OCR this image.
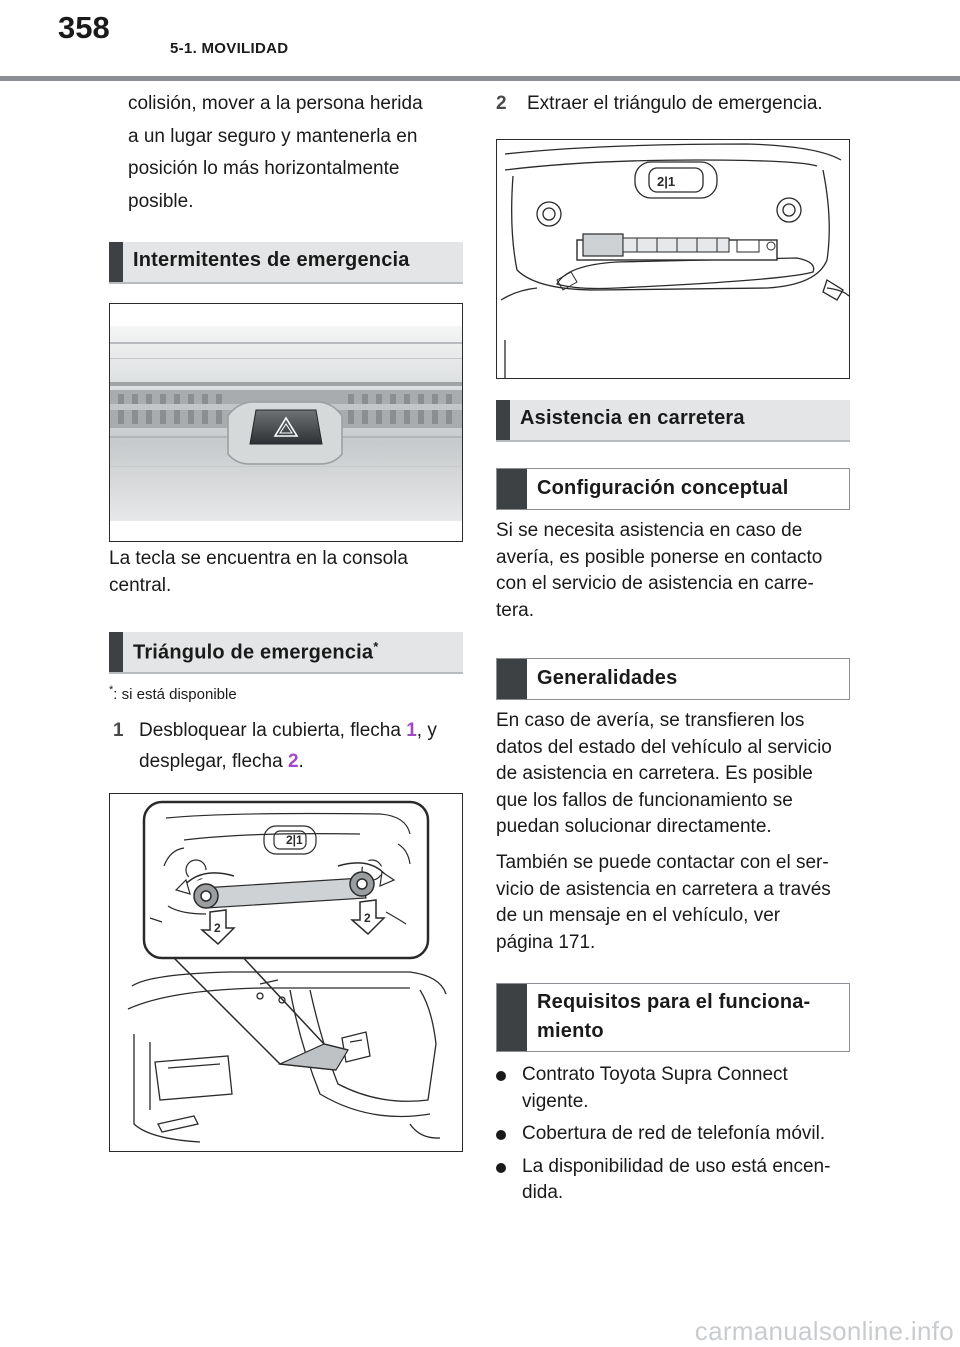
358
5-1. MOVILIDAD
colisión, mover a la persona herida
a un lugar seguro y mantenerla en
posición lo más horizontalmente
posible.
Intermitentes de emergencia
La tecla se encuentra en la consola
central.
Triángulo de emergencia*
*: si está disponible
1 Desbloquear la cubierta, flecha 1, y
desplegar, flecha 2.
2|1
2
2
2 Extraer el triángulo de emergencia.
2|1
Asistencia en carretera
Configuración conceptual
Si se necesita asistencia en caso de
avería, es posible ponerse en contacto
con el servicio de asistencia en carre-
tera.
Generalidades
En caso de avería, se transfieren los
datos del estado del vehículo al servicio
de asistencia en carretera. Es posible
que los fallos de funcionamiento se
puedan solucionar directamente.
También se puede contactar con el ser-
vicio de asistencia en carretera a través
de un mensaje en el vehículo, ver
página 171.
Requisitos para el funciona-
miento
Contrato Toyota Supra Connect
vigente.
Cobertura de red de telefonía móvil.
La disponibilidad de uso está encen-
dida.
carmanualsonline.info
